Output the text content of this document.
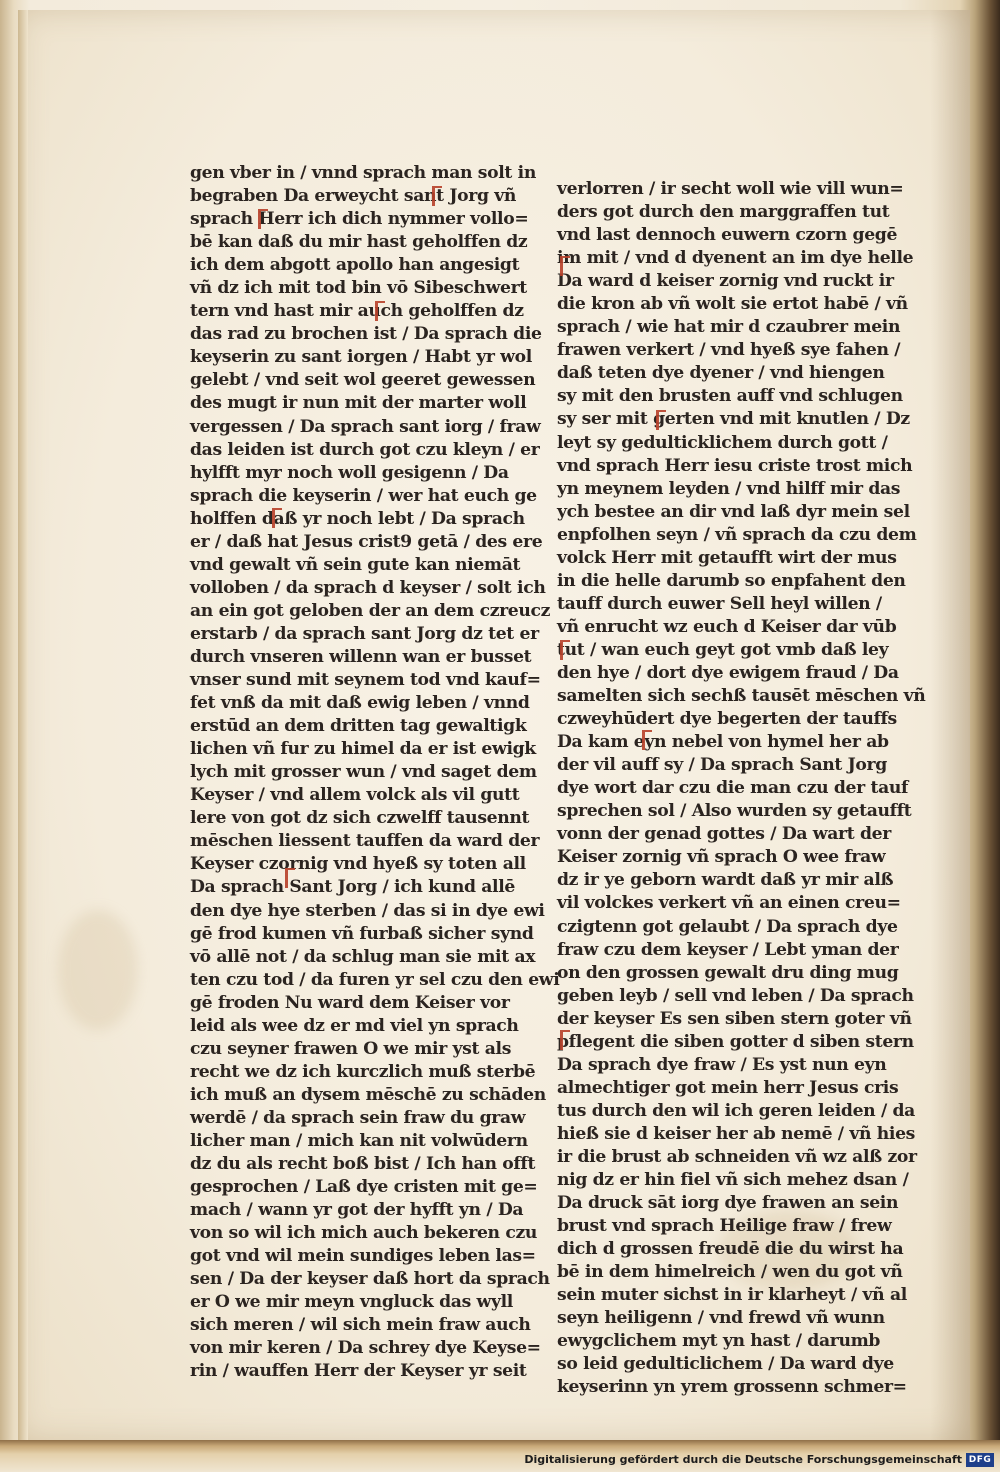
gen vber in / vnnd sprach man solt in
begraben Da erweycht sant Jorg vñ
sprach Herr ich dich nymmer vollo=
bē kan daß du mir hast geholffen dz
ich dem abgott apollo han angesigt
vñ dz ich mit tod bin vō Sibeschwert
tern vnd hast mir auch geholffen dz
das rad zu brochen ist / Da sprach die
keyserin zu sant iorgen / Habt yr wol
gelebt / vnd seit wol geeret gewessen
des mugt ir nun mit der marter woll
vergessen / Da sprach sant iorg / fraw
das leiden ist durch got czu kleyn / er
hylfft myr noch woll gesigenn / Da
sprach die keyserin / wer hat euch ge
holffen daß yr noch lebt / Da sprach
er / daß hat Jesus crist9 getā / des ere
vnd gewalt vñ sein gute kan niemāt
volloben / da sprach d keyser / solt ich
an ein got geloben der an dem czreucz
erstarb / da sprach sant Jorg dz tet er
durch vnseren willenn wan er busset
vnser sund mit seynem tod vnd kauf=
fet vnß da mit daß ewig leben / vnnd
erstūd an dem dritten tag gewaltigk
lichen vñ fur zu himel da er ist ewigk
lych mit grosser wun / vnd saget dem
Keyser / vnd allem volck als vil gutt
lere von got dz sich czwelff tausennt
mēschen liessent tauffen da ward der
Keyser czornig vnd hyeß sy toten all
Da sprach Sant Jorg / ich kund allē
den dye hye sterben / das si in dye ewi
gē frod kumen vñ furbaß sicher synd
vō allē not / da schlug man sie mit ax
ten czu tod / da furen yr sel czu den ewi
gē froden Nu ward dem Keiser vor
leid als wee dz er md viel yn sprach
czu seyner frawen O we mir yst als
recht we dz ich kurczlich muß sterbē
ich muß an dysem mēschē zu schāden
werdē / da sprach sein fraw du graw
licher man / mich kan nit volwūdern
dz du als recht boß bist / Ich han offt
gesprochen / Laß dye cristen mit ge=
mach / wann yr got der hyfft yn / Da
von so wil ich mich auch bekeren czu
got vnd wil mein sundiges leben las=
sen / Da der keyser daß hort da sprach
er O we mir meyn vngluck das wyll
sich meren / wil sich mein fraw auch
von mir keren / Da schrey dye Keyse=
rin / wauffen Herr der Keyser yr seit
verlorren / ir secht woll wie vill wun=
ders got durch den marggraffen tut
vnd last dennoch euwern czorn gegē
im mit / vnd d dyenent an im dye helle
Da ward d keiser zornig vnd ruckt ir
die kron ab vñ wolt sie ertot habē / vñ
sprach / wie hat mir d czaubrer mein
frawen verkert / vnd hyeß sye fahen /
daß teten dye dyener / vnd hiengen
sy mit den brusten auff vnd schlugen
sy ser mit gerten vnd mit knutlen / Dz
leyt sy gedulticklichem durch gott /
vnd sprach Herr iesu criste trost mich
yn meynem leyden / vnd hilff mir das
ych bestee an dir vnd laß dyr mein sel
enpfolhen seyn / vñ sprach da czu dem
volck Herr mit getaufft wirt der mus
in die helle darumb so enpfahent den
tauff durch euwer Sell heyl willen /
vñ enrucht wz euch d Keiser dar vūb
tut / wan euch geyt got vmb daß ley
den hye / dort dye ewigem fraud / Da
samelten sich sechß tausēt mēschen vñ
czweyhūdert dye begerten der tauffs
Da kam eyn nebel von hymel her ab
der vil auff sy / Da sprach Sant Jorg
dye wort dar czu die man czu der tauf
sprechen sol / Also wurden sy getaufft
vonn der genad gottes / Da wart der
Keiser zornig vñ sprach O wee fraw
dz ir ye geborn wardt daß yr mir alß
vil volckes verkert vñ an einen creu=
czigtenn got gelaubt / Da sprach dye
fraw czu dem keyser / Lebt yman der
on den grossen gewalt dru ding mug
geben leyb / sell vnd leben / Da sprach
der keyser Es sen siben stern goter vñ
pflegent die siben gotter d siben stern
Da sprach dye fraw / Es yst nun eyn
almechtiger got mein herr Jesus cris
tus durch den wil ich geren leiden / da
hieß sie d keiser her ab nemē / vñ hies
ir die brust ab schneiden vñ wz alß zor
nig dz er hin fiel vñ sich mehez dsan /
Da druck sāt iorg dye frawen an sein
brust vnd sprach Heilige fraw / frew
dich d grossen freudē die du wirst ha
bē in dem himelreich / wen du got vñ
sein muter sichst in ir klarheyt / vñ al
seyn heiligenn / vnd frewd vñ wunn
ewygclichem myt yn hast / darumb
so leid gedulticlichem / Da ward dye
keyserinn yn yrem grossenn schmer=
Digitalisierung gefördert durch die Deutsche Forschungsgemeinschaft DFG
